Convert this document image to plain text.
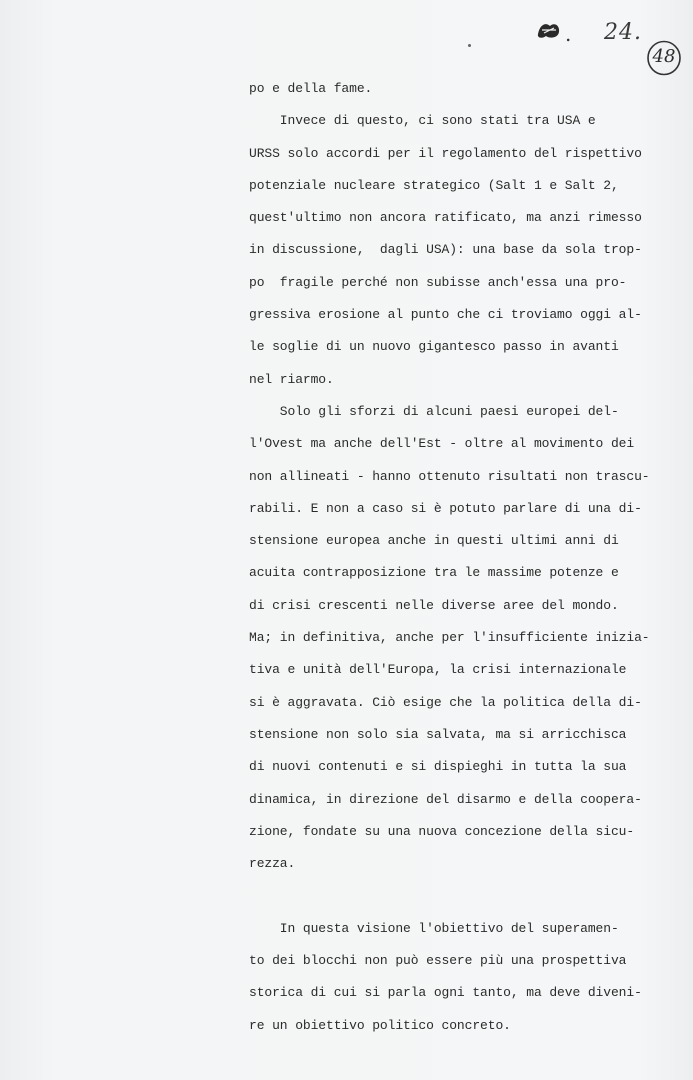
. 24.
48
po e della fame.
Invece di questo, ci sono stati tra USA e
URSS solo accordi per il regolamento del rispettivo
potenziale nucleare strategico (Salt 1 e Salt 2,
quest'ultimo non ancora ratificato, ma anzi rimesso
in discussione,  dagli USA): una base da sola trop-
po  fragile perché non subisse anch'essa una pro-
gressiva erosione al punto che ci troviamo oggi al-
le soglie di un nuovo gigantesco passo in avanti
nel riarmo.
Solo gli sforzi di alcuni paesi europei del-
l'Ovest ma anche dell'Est - oltre al movimento dei
non allineati - hanno ottenuto risultati non trascu-
rabili. E non a caso si è potuto parlare di una di-
stensione europea anche in questi ultimi anni di
acuita contrapposizione tra le massime potenze e
di crisi crescenti nelle diverse aree del mondo.
Ma; in definitiva, anche per l'insufficiente inizia-
tiva e unità dell'Europa, la crisi internazionale
si è aggravata. Ciò esige che la politica della di-
stensione non solo sia salvata, ma si arricchisca
di nuovi contenuti e si dispieghi in tutta la sua
dinamica, in direzione del disarmo e della coopera-
zione, fondate su una nuova concezione della sicu-
rezza.
In questa visione l'obiettivo del superamen-
to dei blocchi non può essere più una prospettiva
storica di cui si parla ogni tanto, ma deve diveni-
re un obiettivo politico concreto.
